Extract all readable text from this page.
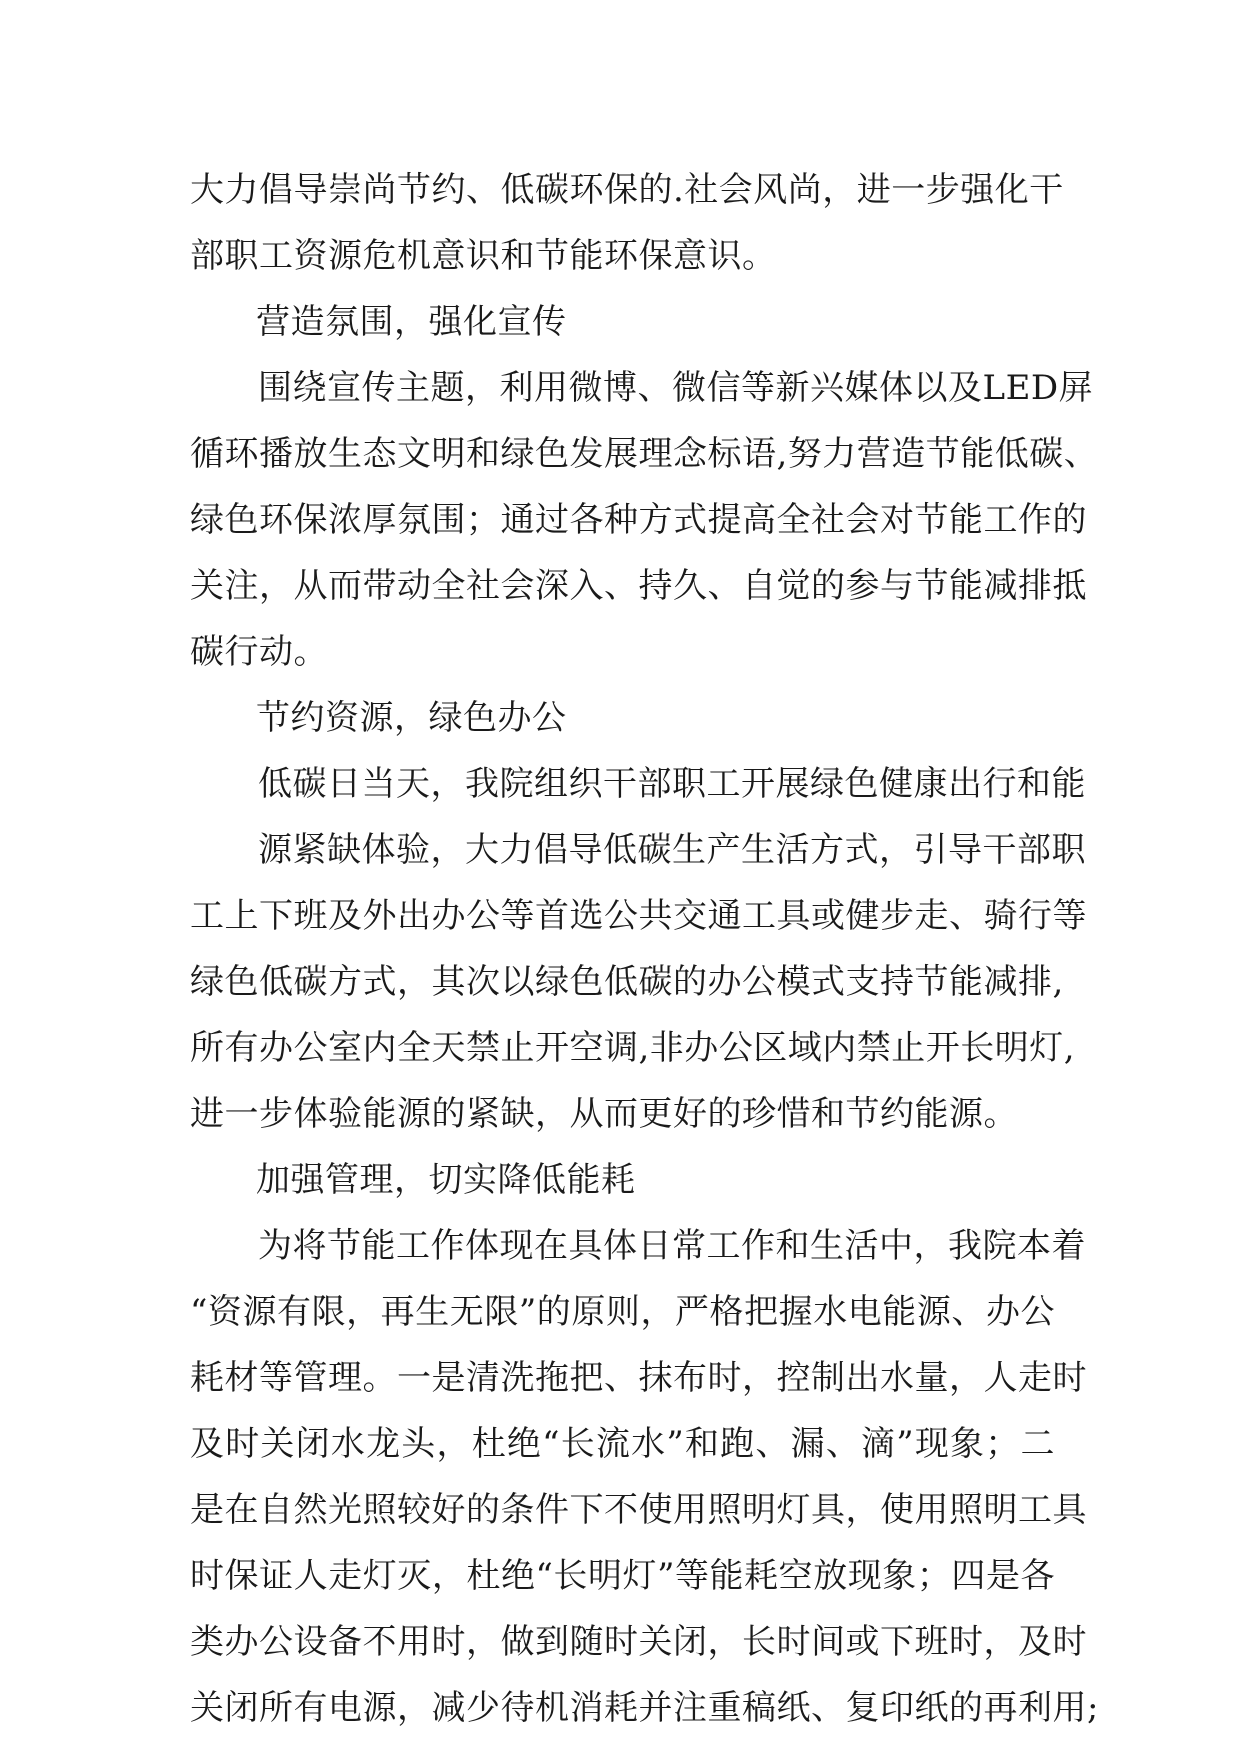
大力倡导崇尚节约、低碳环保的.社会风尚，进一步强化干
部职工资源危机意识和节能环保意识。
营造氛围，强化宣传
围绕宣传主题，利用微博、微信等新兴媒体以及LED屏
循环播放生态文明和绿色发展理念标语,努力营造节能低碳、
绿色环保浓厚氛围；通过各种方式提高全社会对节能工作的
关注，从而带动全社会深入、持久、自觉的参与节能减排抵
碳行动。
节约资源，绿色办公
低碳日当天，我院组织干部职工开展绿色健康出行和能
源紧缺体验，大力倡导低碳生产生活方式，引导干部职
工上下班及外出办公等首选公共交通工具或健步走、骑行等
绿色低碳方式，其次以绿色低碳的办公模式支持节能减排,
所有办公室内全天禁止开空调,非办公区域内禁止开长明灯,
进一步体验能源的紧缺，从而更好的珍惜和节约能源。
加强管理，切实降低能耗
为将节能工作体现在具体日常工作和生活中，我院本着
“资源有限，再生无限”的原则，严格把握水电能源、办公
耗材等管理。一是清洗拖把、抹布时，控制出水量，人走时
及时关闭水龙头，杜绝“长流水”和跑、漏、滴”现象；二
是在自然光照较好的条件下不使用照明灯具，使用照明工具
时保证人走灯灭，杜绝“长明灯”等能耗空放现象；四是各
类办公设备不用时，做到随时关闭，长时间或下班时，及时
关闭所有电源，减少待机消耗并注重稿纸、复印纸的再利用;
